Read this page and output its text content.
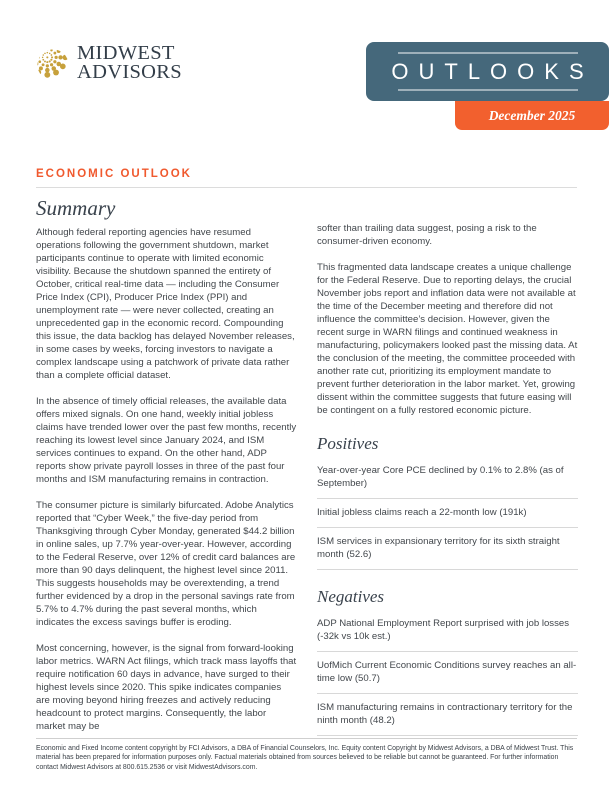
MIDWEST
ADVISORS	OUTLOOKS
December 2025
ECONOMIC OUTLOOK
Summary

Although federal reporting agencies have resumed operations following the government shutdown, market participants continue to operate with limited economic visibility. Because the shutdown spanned the entirety of October, critical real-time data — including the Consumer Price Index (CPI), Producer Price Index (PPI) and unemployment rate — were never collected, creating an unprecedented gap in the economic record. Compounding this issue, the data backlog has delayed November releases, in some cases by weeks, forcing investors to navigate a complex landscape using a patchwork of private data rather than a complete official dataset.

In the absence of timely official releases, the available data offers mixed signals. On one hand, weekly initial jobless claims have trended lower over the past few months, recently reaching its lowest level since January 2024, and ISM services continues to expand. On the other hand, ADP reports show private payroll losses in three of the past four months and ISM manufacturing remains in contraction.

The consumer picture is similarly bifurcated. Adobe Analytics reported that “Cyber Week,” the five-day period from Thanksgiving through Cyber Monday, generated $44.2 billion in online sales, up 7.7% year-over-year. However, according to the Federal Reserve, over 12% of credit card balances are more than 90 days delinquent, the highest level since 2011. This suggests households may be overextending, a trend further evidenced by a drop in the personal savings rate from 5.7% to 4.7% during the past several months, which indicates the excess savings buffer is eroding.

Most concerning, however, is the signal from forward-looking labor metrics. WARN Act filings, which track mass layoffs that require notification 60 days in advance, have surged to their highest levels since 2020. This spike indicates companies are moving beyond hiring freezes and actively reducing headcount to protect margins. Consequently, the labor market may be

softer than trailing data suggest, posing a risk to the consumer-driven economy.

This fragmented data landscape creates a unique challenge for the Federal Reserve. Due to reporting delays, the crucial November jobs report and inflation data were not available at the time of the December meeting and therefore did not influence the committee’s decision. However, given the recent surge in WARN filings and continued weakness in manufacturing, policymakers looked past the missing data. At the conclusion of the meeting, the committee proceeded with another rate cut, prioritizing its employment mandate to prevent further deterioration in the labor market. Yet, growing dissent within the committee suggests that future easing will be contingent on a fully restored economic picture.

Positives
Year-over-year Core PCE declined by 0.1% to 2.8% (as of September)
Initial jobless claims reach a 22-month low (191k)
ISM services in expansionary territory for its sixth straight month (52.6)
Negatives
ADP National Employment Report surprised with job losses (-32k vs 10k est.)
UofMich Current Economic Conditions survey reaches an all-time low (50.7)
ISM manufacturing remains in contractionary territory for the ninth month (48.2)
Economic and Fixed Income content copyright by FCI Advisors, a DBA of Financial Counselors, Inc. Equity content Copyright by Midwest Advisors, a DBA of Midwest Trust. This material has been prepared for information purposes only. Factual materials obtained from sources believed to be reliable but cannot be guaranteed. For further information contact Midwest Advisors at 800.615.2536 or visit MidwestAdvisors.com.
